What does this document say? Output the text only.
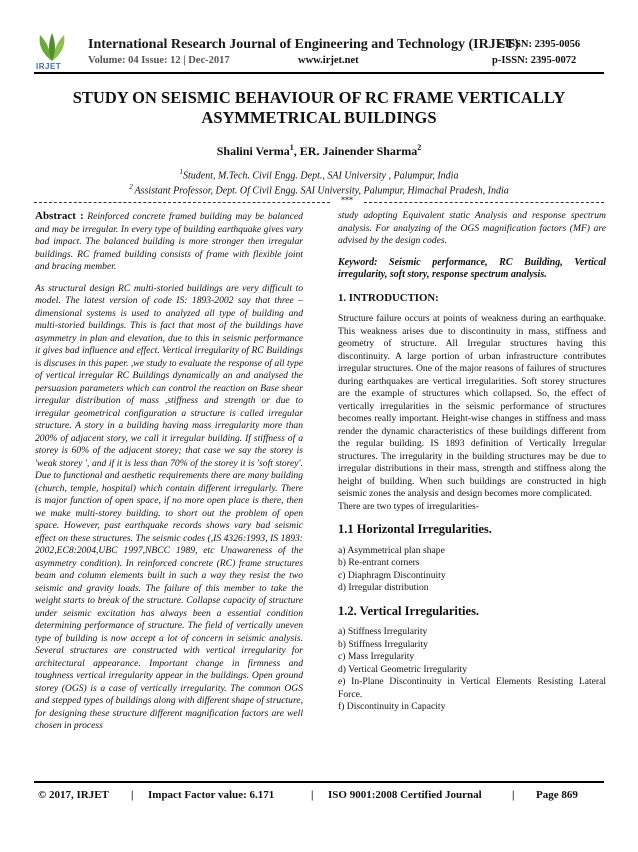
IRJET
International Research Journal of Engineering and Technology (IRJET)
e-ISSN: 2395-0056
Volume: 04 Issue: 12 | Dec-2017	www.irjet.net	p-ISSN: 2395-0072
STUDY ON SEISMIC BEHAVIOUR OF RC FRAME VERTICALLY
ASYMMETRICAL BUILDINGS
Shalini Verma$^1$, ER. Jainender Sharma$^2$
$^1$Student, M.Tech. Civil Engg. Dept., SAI University , Palumpur, India
$^2$ Assistant Professor, Dept. Of Civil Engg. SAI University, Palumpur, Himachal Pradesh, India
***

Abstract : Reinforced concrete framed building may be balanced and may be irregular. In every type of building earthquake gives vary bad impact. The balanced building is more stronger then irregular buildings. RC framed building consists of frame with flexible joint and bracing member.

As structural design RC multi-storied buildings are very difficult to model. The latest version of code IS: 1893-2002 say that three – dimensional systems is used to analyzed all type of building and multi-storied buildings. This is fact that most of the buildings have asymmetry in plan and elevation, due to this in seismic performance it gives bad influence and effect. Vertical irregularity of RC Buildings is discuses in this paper. ,we study to evaluate the response of all type of vertical irregular RC Buildings dynamically an and analysed the persuasion parameters which can control the reaction on Base shear irregular distribution of mass ,stiffness and strength or due to irregular geometrical configuration a structure is called irregular structure. A story in a building having mass irregularity more than 200% of adjacent story, we call it irregular building. If stiffness of a storey is 60% of the adjacent storey; that case we say the storey is 'weak storey ', and if it is less than 70% of the storey it is 'soft storey'. Due to functional and aesthetic requirements there are many building (church, temple, hospital) which contain different irregularly. There is major function of open space, if no more open place is there, then we make multi-storey building. to short out the problem of open space. However, past earthquake records shows vary bad seismic effect on these structures. The seismic codes (,IS 4326:1993, IS 1893: 2002,EC8:2004,UBC 1997,NBCC 1989, etc Unawareness of the asymmetry condition). In reinforced concrete (RC) frame structures beam and column elements built in such a way they resist the two seismic and gravity loads. The failure of this member to take the weight starts to break of the structure. Collapse capacity of structure under seismic excitation has always been a essential condition determining performance of structure. The field of vertically uneven type of building is now accept a lot of concern in seismic analysis. Several structures are constructed with vertical irregularity for architectural appearance. Important change in firmness and toughness vertical irregularity appear in the buildings. Open ground storey (OGS) is a case of vertically irregularity. The common OGS and stepped types of buildings along with different shape of structure, for designing these structure different magnification factors are well chosen in process

study adopting Equivalent static Analysis and response spectrum analysis. For analyzing of the OGS magnification factors (MF) are advised by the design codes.

Keyword: Seismic performance, RC Building, Vertical irregularity, soft story, response spectrum analysis.

1. INTRODUCTION:

Structure failure occurs at points of weakness during an earthquake. This weakness arises due to discontinuity in mass, stiffness and geometry of structure. All Irregular structures having this discontinuity. A large portion of urban infrastructure contributes irregular structures. One of the major reasons of failures of structures during earthquakes are vertical irregularities. Soft storey structures are the example of structures which collapsed. So, the effect of vertically irregularities in the seismic performance of structures becomes really important. Height-wise changes in stiffness and mass render the dynamic characteristics of these buildings different from the regular building. IS 1893 definition of Vertically Irregular structures. The irregularity in the building structures may be due to irregular distributions in their mass, strength and stiffness along the height of building. When such buildings are constructed in high seismic zones the analysis and design becomes more complicated.

There are two types of irregularities-

1.1 Horizontal Irregularities.
a) Asymmetrical plan shape
b) Re-entrant corners
c) Diaphragm Discontinuity
d) Irregular distribution
1.2. Vertical Irregularities.
a) Stiffness Irregularity
b) Stiffness Irregularity
c) Mass Irregularity
d) Vertical Geometric Irregularity
e) In-Plane Discontinuity in Vertical Elements Resisting Lateral Force.
f) Discontinuity in Capacity
© 2017, IRJET | Impact Factor value: 6.171	| ISO 9001:2008 Certified Journal	| Page 869
